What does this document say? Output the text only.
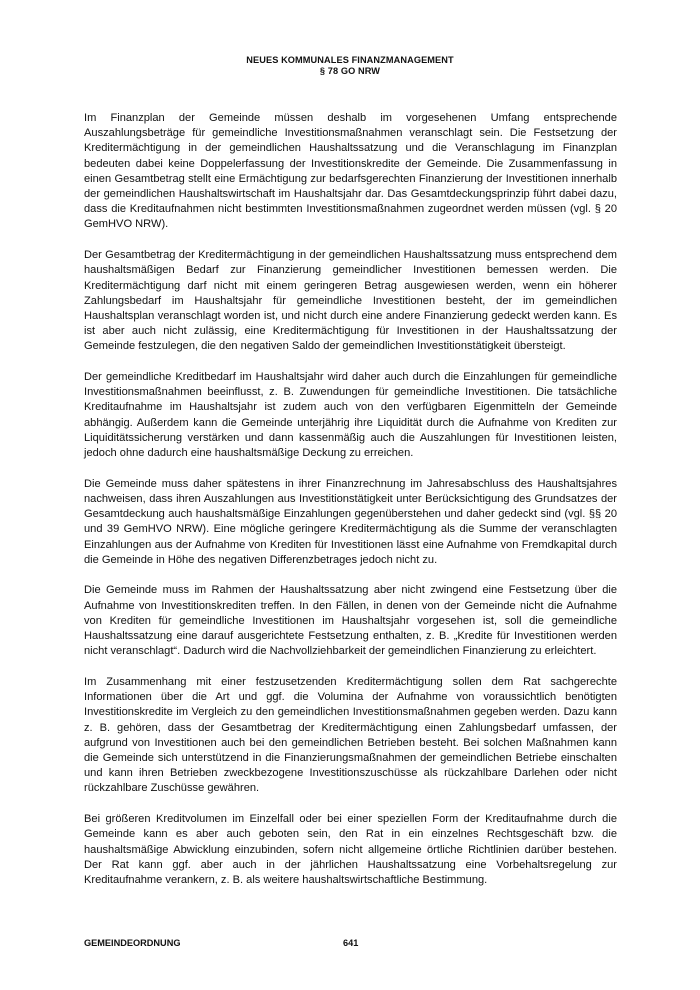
NEUES KOMMUNALES FINANZMANAGEMENT
§ 78 GO NRW

Im Finanzplan der Gemeinde müssen deshalb im vorgesehenen Umfang entsprechende Auszahlungsbeträge für gemeindliche Investitionsmaßnahmen veranschlagt sein. Die Festsetzung der Kreditermächtigung in der gemeindlichen Haushaltssatzung und die Veranschlagung im Finanzplan bedeuten dabei keine Doppelerfassung der Investitionskredite der Gemeinde. Die Zusammenfassung in einen Gesamtbetrag stellt eine Ermächtigung zur bedarfsgerechten Finanzierung der Investitionen innerhalb der gemeindlichen Haushaltswirtschaft im Haushaltsjahr dar. Das Gesamtdeckungsprinzip führt dabei dazu, dass die Kreditaufnahmen nicht bestimmten Investitionsmaßnahmen zugeordnet werden müssen (vgl. § 20 GemHVO NRW).

Der Gesamtbetrag der Kreditermächtigung in der gemeindlichen Haushaltssatzung muss entsprechend dem haushaltsmäßigen Bedarf zur Finanzierung gemeindlicher Investitionen bemessen werden. Die Kreditermächtigung darf nicht mit einem geringeren Betrag ausgewiesen werden, wenn ein höherer Zahlungsbedarf im Haushaltsjahr für gemeindliche Investitionen besteht, der im gemeindlichen Haushaltsplan veranschlagt worden ist, und nicht durch eine andere Finanzierung gedeckt werden kann. Es ist aber auch nicht zulässig, eine Kreditermächtigung für Investitionen in der Haushaltssatzung der Gemeinde festzulegen, die den negativen Saldo der gemeindlichen Investitionstätigkeit übersteigt.

Der gemeindliche Kreditbedarf im Haushaltsjahr wird daher auch durch die Einzahlungen für gemeindliche Investitionsmaßnahmen beeinflusst, z. B. Zuwendungen für gemeindliche Investitionen. Die tatsächliche Kreditaufnahme im Haushaltsjahr ist zudem auch von den verfügbaren Eigenmitteln der Gemeinde abhängig. Außerdem kann die Gemeinde unterjährig ihre Liquidität durch die Aufnahme von Krediten zur Liquiditätssicherung verstärken und dann kassenmäßig auch die Auszahlungen für Investitionen leisten, jedoch ohne dadurch eine haushaltsmäßige Deckung zu erreichen.

Die Gemeinde muss daher spätestens in ihrer Finanzrechnung im Jahresabschluss des Haushaltsjahres nachweisen, dass ihren Auszahlungen aus Investitionstätigkeit unter Berücksichtigung des Grundsatzes der Gesamtdeckung auch haushaltsmäßige Einzahlungen gegenüberstehen und daher gedeckt sind (vgl. §§ 20 und 39 GemHVO NRW). Eine mögliche geringere Kreditermächtigung als die Summe der veranschlagten Einzahlungen aus der Aufnahme von Krediten für Investitionen lässt eine Aufnahme von Fremdkapital durch die Gemeinde in Höhe des negativen Differenzbetrages jedoch nicht zu.

Die Gemeinde muss im Rahmen der Haushaltssatzung aber nicht zwingend eine Festsetzung über die Aufnahme von Investitionskrediten treffen. In den Fällen, in denen von der Gemeinde nicht die Aufnahme von Krediten für gemeindliche Investitionen im Haushaltsjahr vorgesehen ist, soll die gemeindliche Haushaltssatzung eine darauf ausgerichtete Festsetzung enthalten, z. B. „Kredite für Investitionen werden nicht veranschlagt“. Dadurch wird die Nachvollziehbarkeit der gemeindlichen Finanzierung zu erleichtert.

Im Zusammenhang mit einer festzusetzenden Kreditermächtigung sollen dem Rat sachgerechte Informationen über die Art und ggf. die Volumina der Aufnahme von voraussichtlich benötigten Investitionskredite im Vergleich zu den gemeindlichen Investitionsmaßnahmen gegeben werden. Dazu kann z. B. gehören, dass der Gesamtbetrag der Kreditermächtigung einen Zahlungsbedarf umfassen, der aufgrund von Investitionen auch bei den gemeindlichen Betrieben besteht. Bei solchen Maßnahmen kann die Gemeinde sich unterstützend in die Finanzierungsmaßnahmen der gemeindlichen Betriebe einschalten und kann ihren Betrieben zweckbezogene Investitionszuschüsse als rückzahlbare Darlehen oder nicht rückzahlbare Zuschüsse gewähren.

Bei größeren Kreditvolumen im Einzelfall oder bei einer speziellen Form der Kreditaufnahme durch die Gemeinde kann es aber auch geboten sein, den Rat in ein einzelnes Rechtsgeschäft bzw. die haushaltsmäßige Abwicklung einzubinden, sofern nicht allgemeine örtliche Richtlinien darüber bestehen. Der Rat kann ggf. aber auch in der jährlichen Haushaltssatzung eine Vorbehaltsregelung zur Kreditaufnahme verankern, z. B. als weitere haushaltswirtschaftliche Bestimmung.

GEMEINDEORDNUNG	641
